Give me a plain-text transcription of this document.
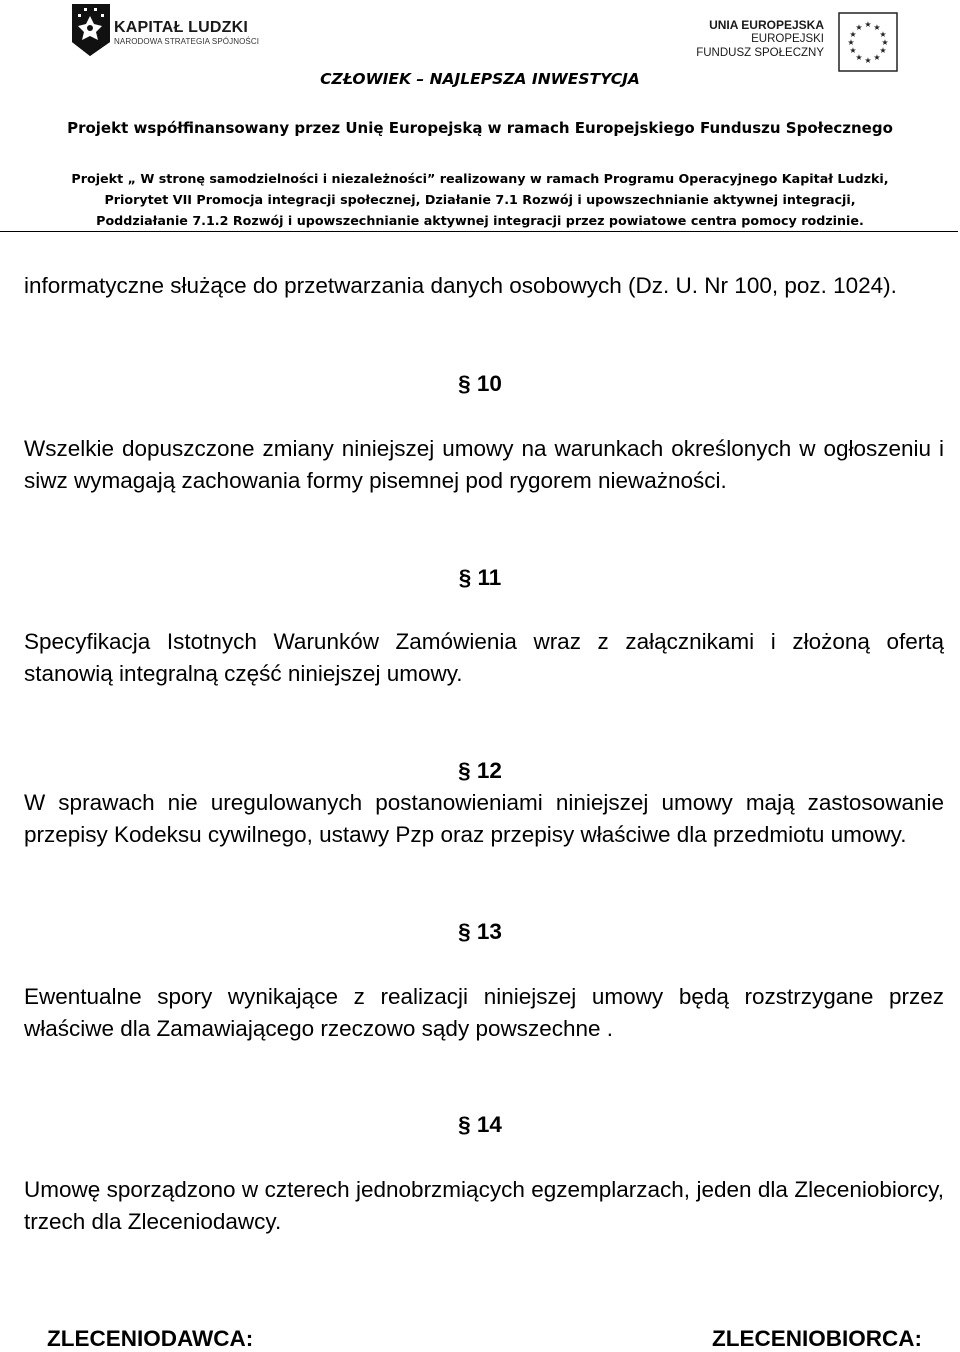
KAPITAŁ LUDZKI
NARODOWA STRATEGIA SPÓJNOŚCI
UNIA EUROPEJSKA
EUROPEJSKI
FUNDUSZ SPOŁECZNY
★ ★
★
★
★
★
★
★
★
★
★
★
CZŁOWIEK – NAJLEPSZA INWESTYCJA
Projekt współfinansowany przez Unię Europejską w ramach Europejskiego Funduszu Społecznego
Projekt „ W stronę samodzielności i niezależności” realizowany w ramach Programu Operacyjnego Kapitał Ludzki,
Priorytet VII Promocja integracji społecznej, Działanie 7.1 Rozwój i upowszechnianie aktywnej integracji,
Poddziałanie 7.1.2 Rozwój i upowszechnianie aktywnej integracji przez powiatowe centra pomocy rodzinie.
informatyczne służące do przetwarzania danych osobowych (Dz. U. Nr 100, poz. 1024).
§ 10
Wszelkie dopuszczone zmiany niniejszej umowy na warunkach określonych w ogłoszeniu i siwz wymagają zachowania formy pisemnej pod rygorem nieważności.
§ 11
Specyfikacja Istotnych Warunków Zamówienia wraz z załącznikami i złożoną ofertą stanowią integralną część niniejszej umowy.
§ 12
W sprawach nie uregulowanych postanowieniami niniejszej umowy mają zastosowanie przepisy Kodeksu cywilnego, ustawy Pzp oraz przepisy właściwe dla przedmiotu umowy.
§ 13
Ewentualne spory wynikające z realizacji niniejszej umowy będą rozstrzygane przez właściwe dla Zamawiającego rzeczowo sądy powszechne .
§ 14
Umowę sporządzono w czterech jednobrzmiących egzemplarzach, jeden dla Zleceniobiorcy, trzech dla Zleceniodawcy.
ZLECENIODAWCA:	ZLECENIOBIORCA:
